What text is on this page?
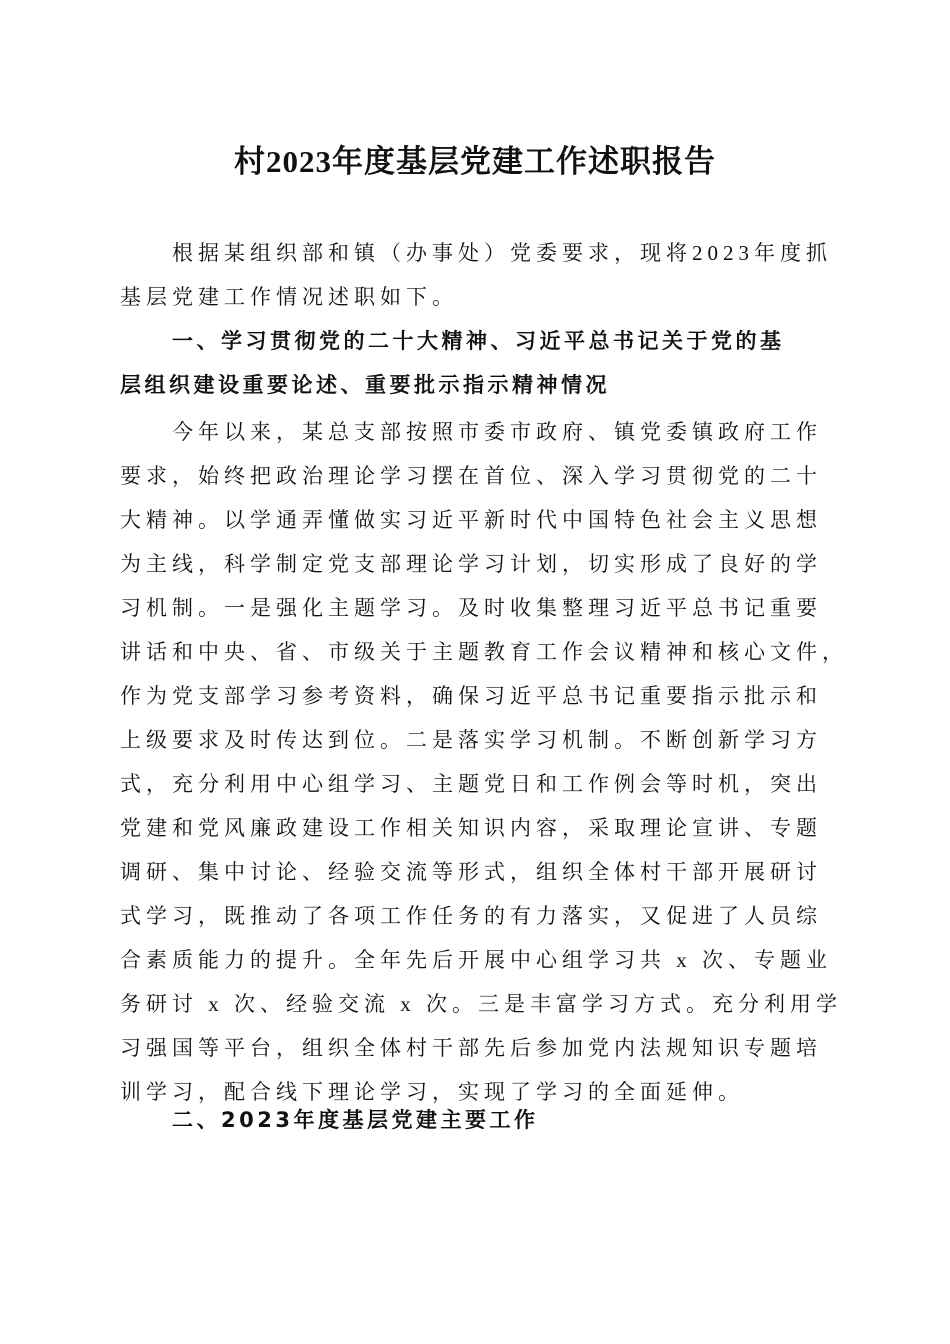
村2023年度基层党建工作述职报告
根据某组织部和镇（办事处）党委要求，现将2023年度抓
基层党建工作情况述职如下。
一、学习贯彻党的二十大精神、习近平总书记关于党的基
层组织建设重要论述、重要批示指示精神情况
今年以来，某总支部按照市委市政府、镇党委镇政府工作
要求，始终把政治理论学习摆在首位、深入学习贯彻党的二十
大精神。以学通弄懂做实习近平新时代中国特色社会主义思想
为主线，科学制定党支部理论学习计划，切实形成了良好的学
习机制。一是强化主题学习。及时收集整理习近平总书记重要
讲话和中央、省、市级关于主题教育工作会议精神和核心文件，
作为党支部学习参考资料，确保习近平总书记重要指示批示和
上级要求及时传达到位。二是落实学习机制。不断创新学习方
式，充分利用中心组学习、主题党日和工作例会等时机，突出
党建和党风廉政建设工作相关知识内容，采取理论宣讲、专题
调研、集中讨论、经验交流等形式，组织全体村干部开展研讨
式学习，既推动了各项工作任务的有力落实，又促进了人员综
合素质能力的提升。全年先后开展中心组学习共 x 次、专题业
务研讨 x 次、经验交流 x 次。三是丰富学习方式。充分利用学
习强国等平台，组织全体村干部先后参加党内法规知识专题培
训学习，配合线下理论学习，实现了学习的全面延伸。
二、2023年度基层党建主要工作
